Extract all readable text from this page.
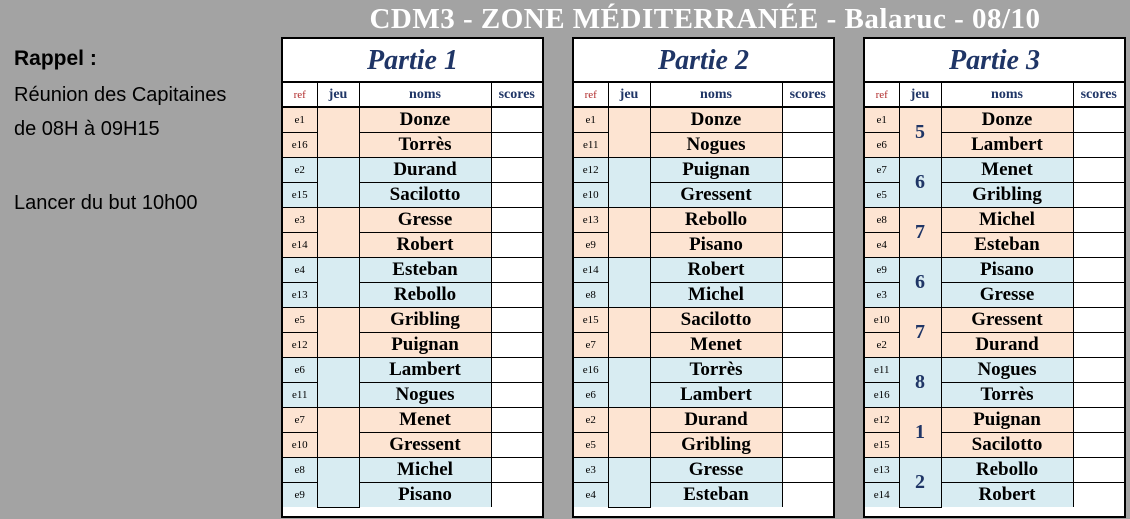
CDM3 - ZONE MÉDITERRANÉE - Balaruc - 08/10
Rappel :
Réunion des Capitaines
de 08H à 09H15
Lancer du but 10h00
Partie 1
ref	jeu	noms	scores
e1		Donze	
e16		Torrès	
e2		Durand	
e15		Sacilotto	
e3		Gresse	
e14		Robert	
e4		Esteban	
e13		Rebollo	
e5		Gribling	
e12		Puignan	
e6		Lambert	
e11		Nogues	
e7		Menet	
e10		Gressent	
e8		Michel	
e9		Pisano	
Partie 2
ref	jeu	noms	scores
e1		Donze	
e11		Nogues	
e12		Puignan	
e10		Gressent	
e13		Rebollo	
e9		Pisano	
e14		Robert	
e8		Michel	
e15		Sacilotto	
e7		Menet	
e16		Torrès	
e6		Lambert	
e2		Durand	
e5		Gribling	
e3		Gresse	
e4		Esteban	
Partie 3
ref	jeu	noms	scores
e1	5	Donze	
e6		Lambert	
e7	6	Menet	
e5		Gribling	
e8	7	Michel	
e4		Esteban	
e9	6	Pisano	
e3		Gresse	
e10	7	Gressent	
e2		Durand	
e11	8	Nogues	
e16		Torrès	
e12	1	Puignan	
e15		Sacilotto	
e13	2	Rebollo	
e14		Robert	
